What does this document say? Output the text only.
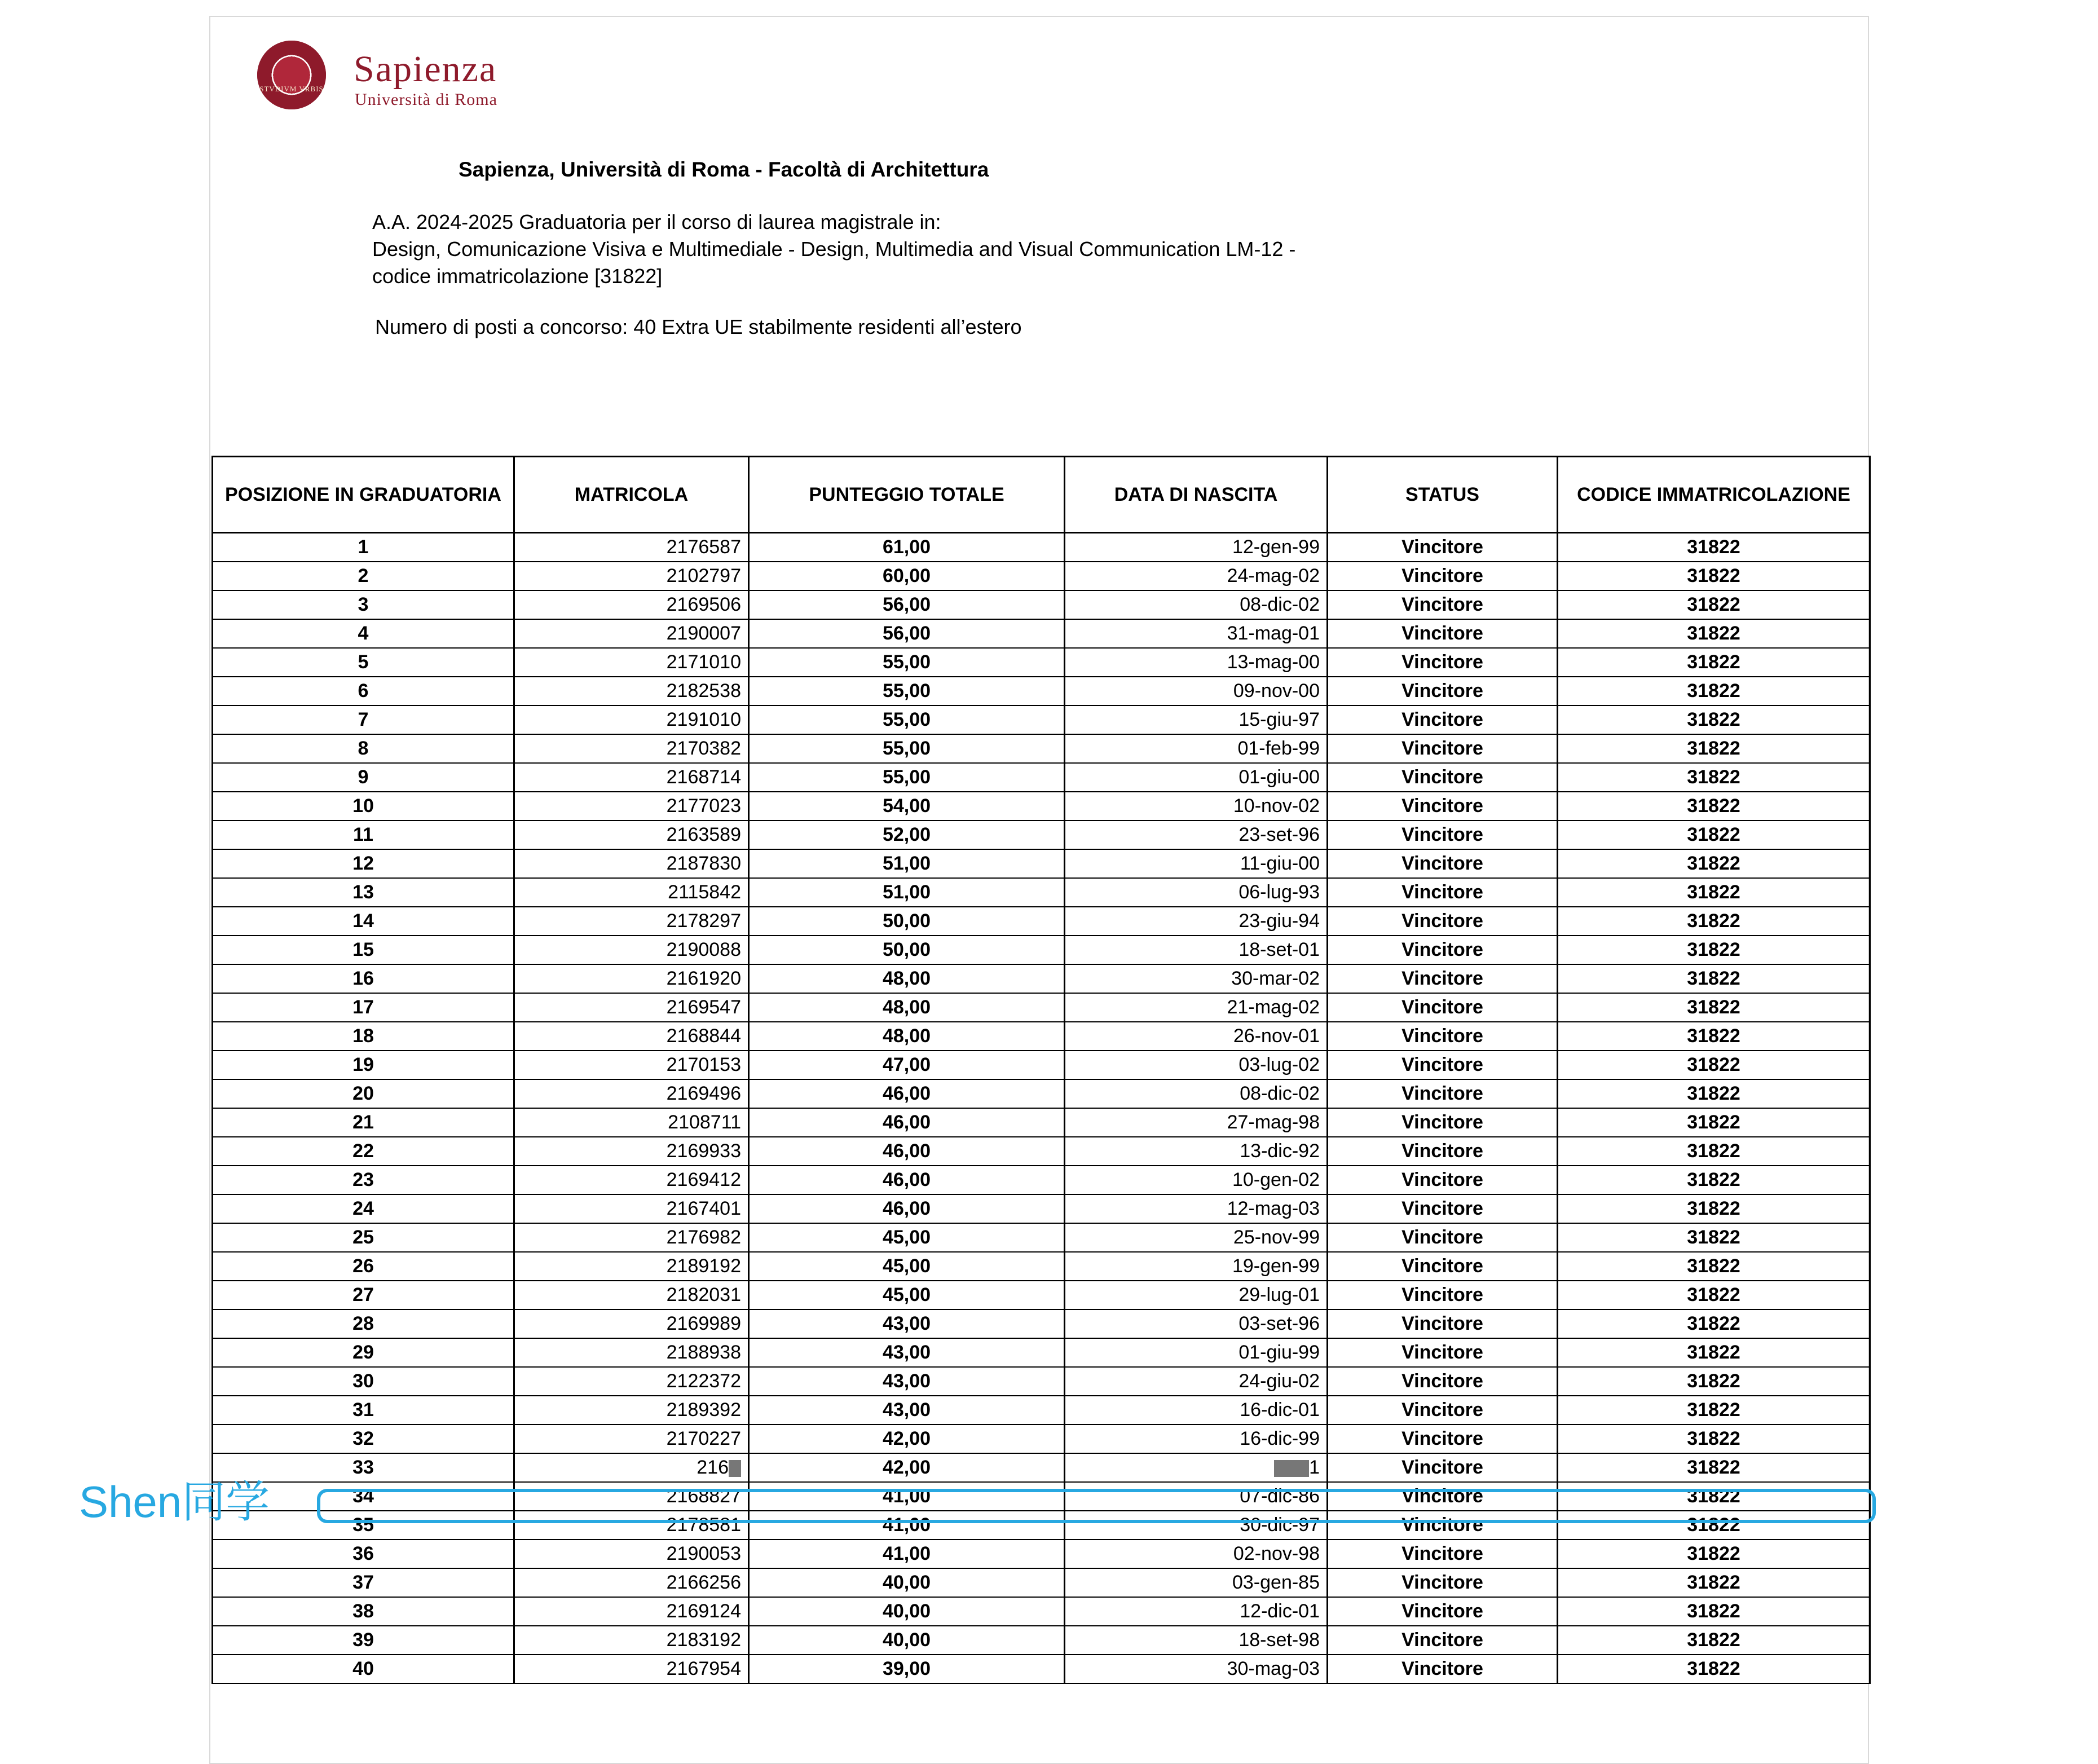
STVDIVM VRBIS Sapienza
Università di Roma
Sapienza, Università di Roma - Facoltà di Architettura
A.A. 2024-2025 Graduatoria per il corso di laurea magistrale in:
Design, Comunicazione Visiva e Multimediale - Design, Multimedia and Visual Communication LM-12 -
codice immatricolazione [31822]
Numero di posti a concorso: 40 Extra UE stabilmente residenti all’estero
POSIZIONE IN GRADUATORIA	MATRICOLA	PUNTEGGIO TOTALE	DATA DI NASCITA	STATUS	CODICE IMMATRICOLAZIONE
1	2176587	61,00	12-gen-99	Vincitore	31822
2	2102797	60,00	24-mag-02	Vincitore	31822
3	2169506	56,00	08-dic-02	Vincitore	31822
4	2190007	56,00	31-mag-01	Vincitore	31822
5	2171010	55,00	13-mag-00	Vincitore	31822
6	2182538	55,00	09-nov-00	Vincitore	31822
7	2191010	55,00	15-giu-97	Vincitore	31822
8	2170382	55,00	01-feb-99	Vincitore	31822
9	2168714	55,00	01-giu-00	Vincitore	31822
10	2177023	54,00	10-nov-02	Vincitore	31822
11	2163589	52,00	23-set-96	Vincitore	31822
12	2187830	51,00	11-giu-00	Vincitore	31822
13	2115842	51,00	06-lug-93	Vincitore	31822
14	2178297	50,00	23-giu-94	Vincitore	31822
15	2190088	50,00	18-set-01	Vincitore	31822
16	2161920	48,00	30-mar-02	Vincitore	31822
17	2169547	48,00	21-mag-02	Vincitore	31822
18	2168844	48,00	26-nov-01	Vincitore	31822
19	2170153	47,00	03-lug-02	Vincitore	31822
20	2169496	46,00	08-dic-02	Vincitore	31822
21	2108711	46,00	27-mag-98	Vincitore	31822
22	2169933	46,00	13-dic-92	Vincitore	31822
23	2169412	46,00	10-gen-02	Vincitore	31822
24	2167401	46,00	12-mag-03	Vincitore	31822
25	2176982	45,00	25-nov-99	Vincitore	31822
26	2189192	45,00	19-gen-99	Vincitore	31822
27	2182031	45,00	29-lug-01	Vincitore	31822
28	2169989	43,00	03-set-96	Vincitore	31822
29	2188938	43,00	01-giu-99	Vincitore	31822
30	2122372	43,00	24-giu-02	Vincitore	31822
31	2189392	43,00	16-dic-01	Vincitore	31822
32	2170227	42,00	16-dic-99	Vincitore	31822
33	216	42,00	1	Vincitore	31822
34	2168827	41,00	07-dic-86	Vincitore	31822
35	2178581	41,00	30-dic-97	Vincitore	31822
36	2190053	41,00	02-nov-98	Vincitore	31822
37	2166256	40,00	03-gen-85	Vincitore	31822
38	2169124	40,00	12-dic-01	Vincitore	31822
39	2183192	40,00	18-set-98	Vincitore	31822
40	2167954	39,00	30-mag-03	Vincitore	31822
Shen同学
